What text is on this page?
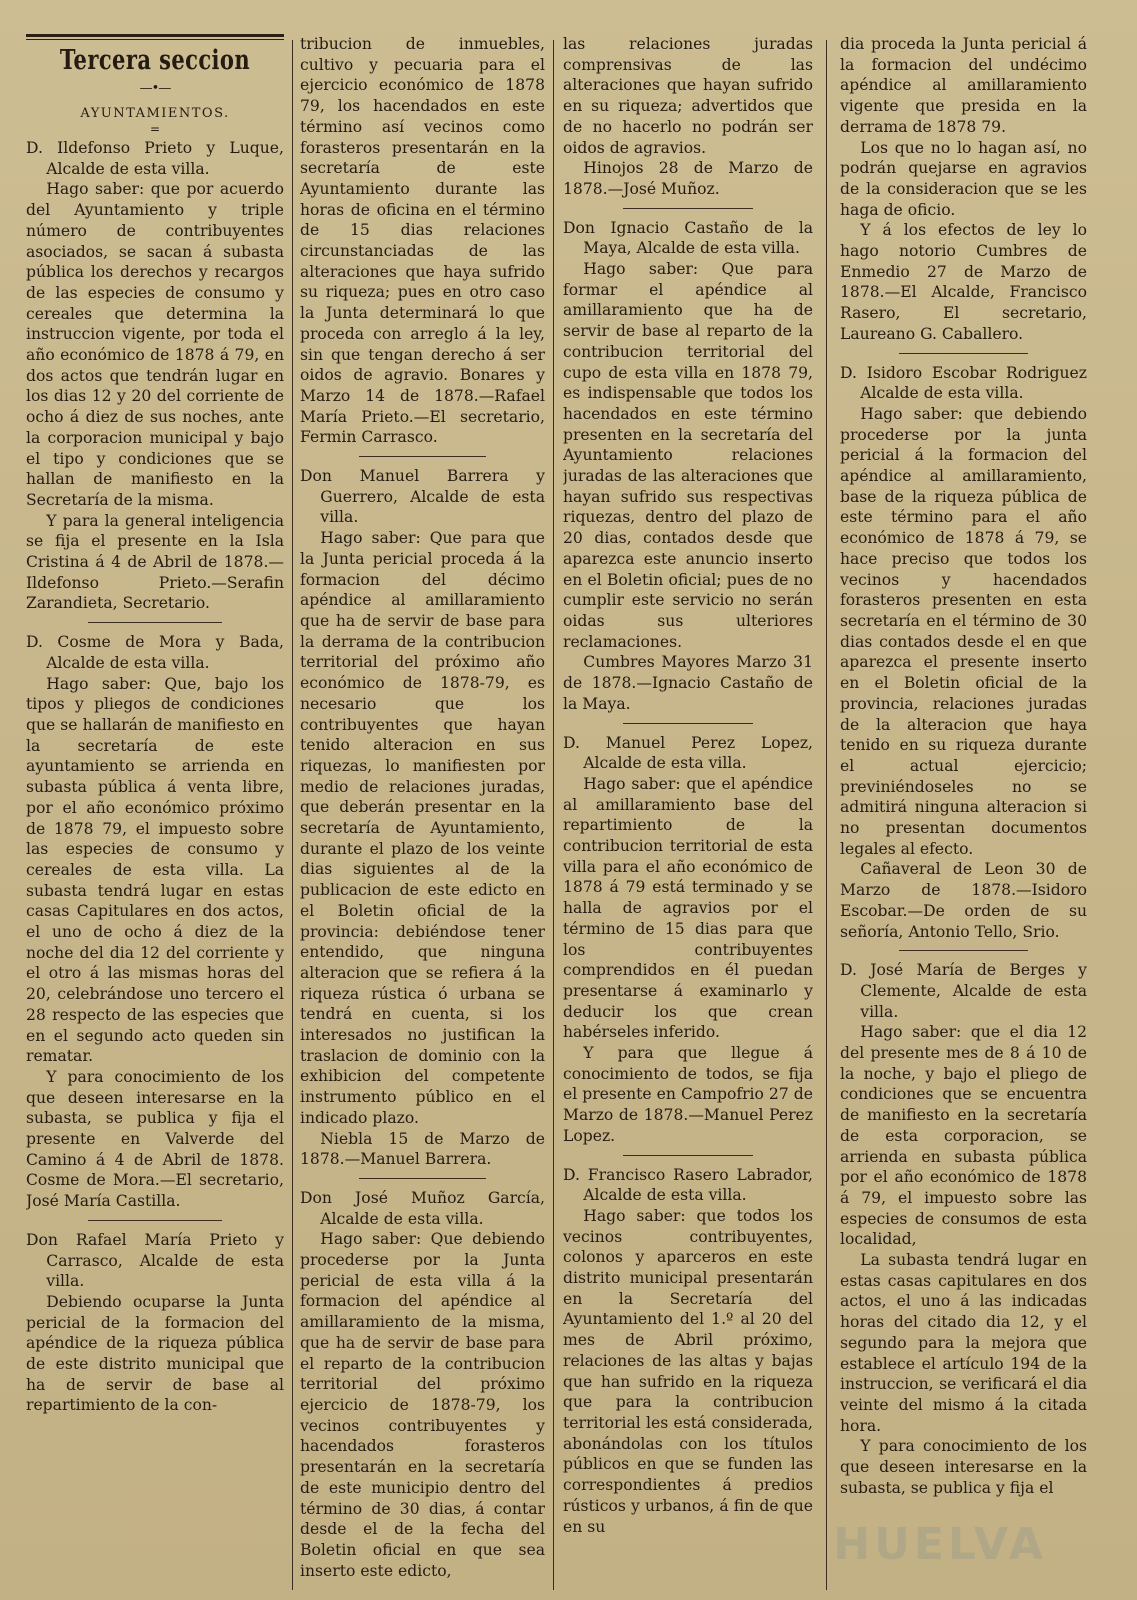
Tercera seccion
—•—
AYUNTAMIENTOS.
=

D. Ildefonso Prieto y Luque, Alcalde de esta villa.

Hago saber: que por acuerdo del Ayuntamiento y triple número de contribuyentes asociados, se sacan á subasta pública los derechos y recargos de las especies de consumo y cereales que determina la instruccion vigente, por toda el año económico de 1878 á 79, en dos actos que tendrán lugar en los dias 12 y 20 del corriente de ocho á diez de sus noches, ante la corporacion municipal y bajo el tipo y condiciones que se hallan de manifiesto en la Secretaría de la misma.

Y para la general inteligencia se fija el presente en la Isla Cristina á 4 de Abril de 1878.—Ildefonso Prieto.—Serafin Zarandieta, Secretario.

D. Cosme de Mora y Bada, Alcalde de esta villa.

Hago saber: Que, bajo los tipos y pliegos de condiciones que se hallarán de manifiesto en la secretaría de este ayuntamiento se arrienda en subasta pública á venta libre, por el año económico próximo de 1878 79, el impuesto sobre las especies de consumo y cereales de esta villa. La subasta tendrá lugar en estas casas Capitulares en dos actos, el uno de ocho á diez de la noche del dia 12 del corriente y el otro á las mismas horas del 20, celebrándose uno tercero el 28 respecto de las especies que en el segundo acto queden sin rematar.

Y para conocimiento de los que deseen interesarse en la subasta, se publica y fija el presente en Valverde del Camino á 4 de Abril de 1878. Cosme de Mora.—El secretario, José María Castilla.

Don Rafael María Prieto y Carrasco, Alcalde de esta villa.

Debiendo ocuparse la Junta pericial de la formacion del apéndice de la riqueza pública de este distrito municipal que ha de servir de base al repartimiento de la con-

tribucion de inmuebles, cultivo y pecuaria para el ejercicio económico de 1878 79, los hacendados en este término así vecinos como forasteros presentarán en la secretaría de este Ayuntamiento durante las horas de oficina en el término de 15 dias relaciones circunstanciadas de las alteraciones que haya sufrido su riqueza; pues en otro caso la Junta determinará lo que proceda con arreglo á la ley, sin que tengan derecho á ser oidos de agravio. Bonares y Marzo 14 de 1878.—Rafael María Prieto.—El secretario, Fermin Carrasco.

Don Manuel Barrera y Guerrero, Alcalde de esta villa.

Hago saber: Que para que la Junta pericial proceda á la formacion del décimo apéndice al amillaramiento que ha de servir de base para la derrama de la contribucion territorial del próximo año económico de 1878-79, es necesario que los contribuyentes que hayan tenido alteracion en sus riquezas, lo manifiesten por medio de relaciones juradas, que deberán presentar en la secretaría de Ayuntamiento, durante el plazo de los veinte dias siguientes al de la publicacion de este edicto en el Boletin oficial de la provincia: debiéndose tener entendido, que ninguna alteracion que se refiera á la riqueza rústica ó urbana se tendrá en cuenta, si los interesados no justifican la traslacion de dominio con la exhibicion del competente instrumento público en el indicado plazo.

Niebla 15 de Marzo de 1878.—Manuel Barrera.

Don José Muñoz García, Alcalde de esta villa.

Hago saber: Que debiendo procederse por la Junta pericial de esta villa á la formacion del apéndice al amillaramiento de la misma, que ha de servir de base para el reparto de la contribucion territorial del próximo ejercicio de 1878-79, los vecinos contribuyentes y hacendados forasteros presentarán en la secretaría de este municipio dentro del término de 30 dias, á contar desde el de la fecha del Boletin oficial en que sea inserto este edicto,

las relaciones juradas comprensivas de las alteraciones que hayan sufrido en su riqueza; advertidos que de no hacerlo no podrán ser oidos de agravios.

Hinojos 28 de Marzo de 1878.—José Muñoz.

Don Ignacio Castaño de la Maya, Alcalde de esta villa.

Hago saber: Que para formar el apéndice al amillaramiento que ha de servir de base al reparto de la contribucion territorial del cupo de esta villa en 1878 79, es indispensable que todos los hacendados en este término presenten en la secretaría del Ayuntamiento relaciones juradas de las alteraciones que hayan sufrido sus respectivas riquezas, dentro del plazo de 20 dias, contados desde que aparezca este anuncio inserto en el Boletin oficial; pues de no cumplir este servicio no serán oidas sus ulteriores reclamaciones.

Cumbres Mayores Marzo 31 de 1878.—Ignacio Castaño de la Maya.

D. Manuel Perez Lopez, Alcalde de esta villa.

Hago saber: que el apéndice al amillaramiento base del repartimiento de la contribucion territorial de esta villa para el año económico de 1878 á 79 está terminado y se halla de agravios por el término de 15 dias para que los contribuyentes comprendidos en él puedan presentarse á examinarlo y deducir los que crean habérseles inferido.

Y para que llegue á conocimiento de todos, se fija el presente en Campofrio 27 de Marzo de 1878.—Manuel Perez Lopez.

D. Francisco Rasero Labrador, Alcalde de esta villa.

Hago saber: que todos los vecinos contribuyentes, colonos y aparceros en este distrito municipal presentarán en la Secretaría del Ayuntamiento del 1.º al 20 del mes de Abril próximo, relaciones de las altas y bajas que han sufrido en la riqueza que para la contribucion territorial les está considerada, abonándolas con los títulos públicos en que se funden las correspondientes á predios rústicos y urbanos, á fin de que en su

dia proceda la Junta pericial á la formacion del undécimo apéndice al amillaramiento vigente que presida en la derrama de 1878 79.

Los que no lo hagan así, no podrán quejarse en agravios de la consideracion que se les haga de oficio.

Y á los efectos de ley lo hago notorio Cumbres de Enmedio 27 de Marzo de 1878.—El Alcalde, Francisco Rasero, El secretario, Laureano G. Caballero.

D. Isidoro Escobar Rodriguez Alcalde de esta villa.

Hago saber: que debiendo procederse por la junta pericial á la formacion del apéndice al amillaramiento, base de la riqueza pública de este término para el año económico de 1878 á 79, se hace preciso que todos los vecinos y hacendados forasteros presenten en esta secretaría en el término de 30 dias contados desde el en que aparezca el presente inserto en el Boletin oficial de la provincia, relaciones juradas de la alteracion que haya tenido en su riqueza durante el actual ejercicio; previniéndoseles no se admitirá ninguna alteracion si no presentan documentos legales al efecto.

Cañaveral de Leon 30 de Marzo de 1878.—Isidoro Escobar.—De orden de su señoría, Antonio Tello, Srio.

D. José María de Berges y Clemente, Alcalde de esta villa.

Hago saber: que el dia 12 del presente mes de 8 á 10 de la noche, y bajo el pliego de condiciones que se encuentra de manifiesto en la secretaría de esta corporacion, se arrienda en subasta pública por el año económico de 1878 á 79, el impuesto sobre las especies de consumos de esta localidad,

La subasta tendrá lugar en estas casas capitulares en dos actos, el uno á las indicadas horas del citado dia 12, y el segundo para la mejora que establece el artículo 194 de la instruccion, se verificará el dia veinte del mismo á la citada hora.

Y para conocimiento de los que deseen interesarse en la subasta, se publica y fija el

HUELVA
